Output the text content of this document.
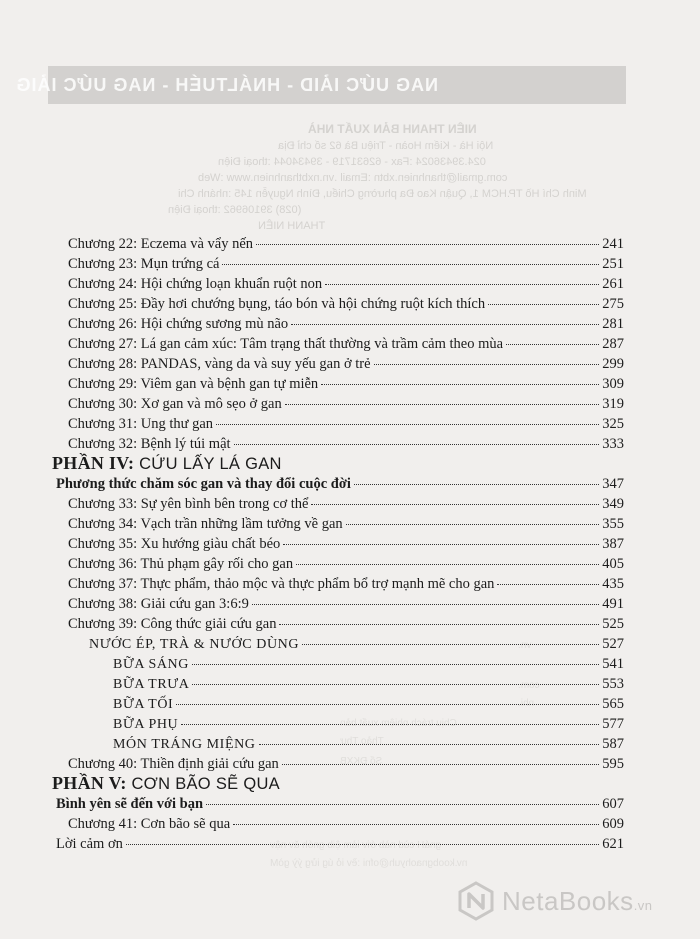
NAG UỨC IẢID - HNÁLTUÉH - NAG UỨC IẢIG
NIÊN THANH BẢN XUẤT NHÀ
Nội Hà - Kiếm Hoàn - Triệu Bà 62 số chỉ Địa
024.39436024 :Fax - 62631719 - 39434044 :thoại Điện
com.gmail@thanhnien.xbtn :Email .vn.nxbthanhnien.www :Web
Minh Chí Hồ TP.HCM 1, Quận Kao Đa phường Chiểu, Đình Nguyễn 145 :nhánh Chi
(028) 39106962 :thoại Điện
THANH NIÊN
vn.
com.
nhi.
Chịu trách nhiệm xuất bản
Thảo Thư
Số ĐKXB
gnáH cùd nàb ớiv iảm ệib gnóh ăv nậv
nv.koobgnaohyuh@ofni :ềv iỏ úg iửg ýỳ gòM
Chương 22: Eczema và vẩy nến	241
Chương 23: Mụn trứng cá	251
Chương 24: Hội chứng loạn khuẩn ruột non	261
Chương 25: Đầy hơi chướng bụng, táo bón và hội chứng ruột kích thích	275
Chương 26: Hội chứng sương mù não	281
Chương 27: Lá gan cảm xúc: Tâm trạng thất thường và trầm cảm theo mùa	287
Chương 28: PANDAS, vàng da và suy yếu gan ở trẻ	299
Chương 29: Viêm gan và bệnh gan tự miễn	309
Chương 30: Xơ gan và mô sẹo ở gan	319
Chương 31: Ung thư gan	325
Chương 32: Bệnh lý túi mật	333
PHẦN IV: CỨU LẤY LÁ GAN
Phương thức chăm sóc gan và thay đổi cuộc đời	347
Chương 33: Sự yên bình bên trong cơ thể	349
Chương 34: Vạch trần những lầm tưởng về gan	355
Chương 35: Xu hướng giàu chất béo	387
Chương 36: Thủ phạm gây rối cho gan	405
Chương 37: Thực phẩm, thảo mộc và thực phẩm bổ trợ mạnh mẽ cho gan	435
Chương 38: Giải cứu gan 3:6:9	491
Chương 39: Công thức giải cứu gan	525
NƯỚC ÉP, TRÀ & NƯỚC DÙNG	527
BỮA SÁNG	541
BỮA TRƯA	553
BỮA TỐI	565
BỮA PHỤ	577
MÓN TRÁNG MIỆNG	587
Chương 40: Thiền định giải cứu gan	595
PHẦN V: CƠN BÃO SẼ QUA
Bình yên sẽ đến với bạn	607
Chương 41: Cơn bão sẽ qua	609
Lời cảm ơn	621
NetaBooks.vn
